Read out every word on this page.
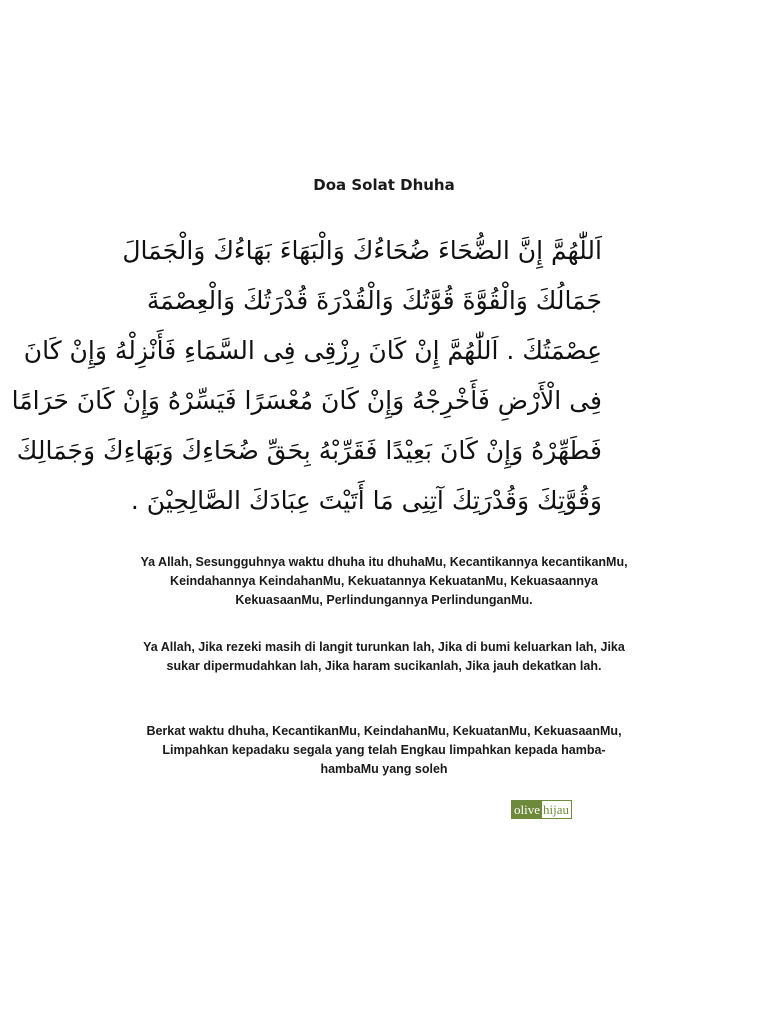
Doa Solat Dhuha
اَللّٰهُمَّ إِنَّ الضُّحَاءَ ضُحَاءُكَ وَالْبَهَاءَ بَهَاءُكَ وَالْجَمَالَ
جَمَالُكَ وَالْقُوَّةَ قُوَّتُكَ وَالْقُدْرَةَ قُدْرَتُكَ وَالْعِصْمَةَ
عِصْمَتُكَ . اَللّٰهُمَّ إِنْ كَانَ رِزْقِى فِى السَّمَاءِ فَأَنْزِلْهُ وَإِنْ كَانَ
فِى الْأَرْضِ فَأَخْرِجْهُ وَإِنْ كَانَ مُعْسَرًا فَيَسِّرْهُ وَإِنْ كَانَ حَرَامًا
فَطَهِّرْهُ وَإِنْ كَانَ بَعِيْدًا فَقَرِّبْهُ بِحَقِّ ضُحَاءِكَ وَبَهَاءِكَ وَجَمَالِكَ
وَقُوَّتِكَ وَقُدْرَتِكَ آتِنِى مَا أَتَيْتَ عِبَادَكَ الصَّالِحِيْنَ .

Ya Allah, Sesungguhnya waktu dhuha itu dhuhaMu, Kecantikannya kecantikanMu, Keindahannya KeindahanMu, Kekuatannya KekuatanMu, Kekuasaannya KekuasaanMu, Perlindungannya PerlindunganMu.

Ya Allah, Jika rezeki masih di langit turunkan lah, Jika di bumi keluarkan lah, Jika sukar dipermudahkan lah, Jika haram sucikanlah, Jika jauh dekatkan lah.

Berkat waktu dhuha, KecantikanMu, KeindahanMu, KekuatanMu, KekuasaanMu, Limpahkan kepadaku segala yang telah Engkau limpahkan kepada hamba-hambaMu yang soleh

olive hijau
